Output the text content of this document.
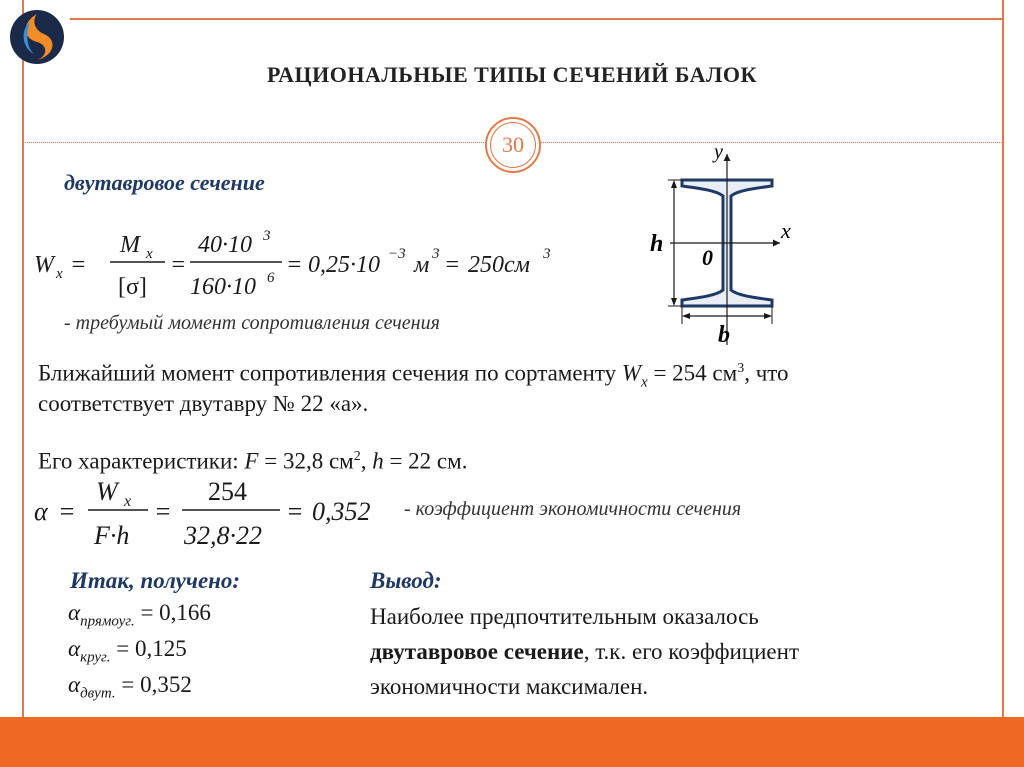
РАЦИОНАЛЬНЫЕ ТИПЫ СЕЧЕНИЙ БАЛОК
30
двутавровое сечение
W x =
M x
[σ]
=
40·10 3
160·10 6 = 0,25·10 −3 м 3 = 250см 3
- требумый момент сопротивления сечения
y
x
0
h
b
Ближайший момент сопротивления сечения по сортаменту $W_x = 254$ $см^3$, что
соответствует двутавру № 22 «а».
Его характеристики: F = 32,8 $см^2$, h = 22 см.
α =
W x
F·h
=
254
32,8·22
= 0,352 - коэффициент экономичности сечения
Итак, получено:
$\alpha_{прямоуг.} = 0,166$
$\alpha_{круг.} = 0,125$
$\alpha_{двут.} = 0,352$
Вывод:
Наиболее предпочтительным оказалось
двутавровое сечение, т.к. его коэффициент
экономичности максимален.
